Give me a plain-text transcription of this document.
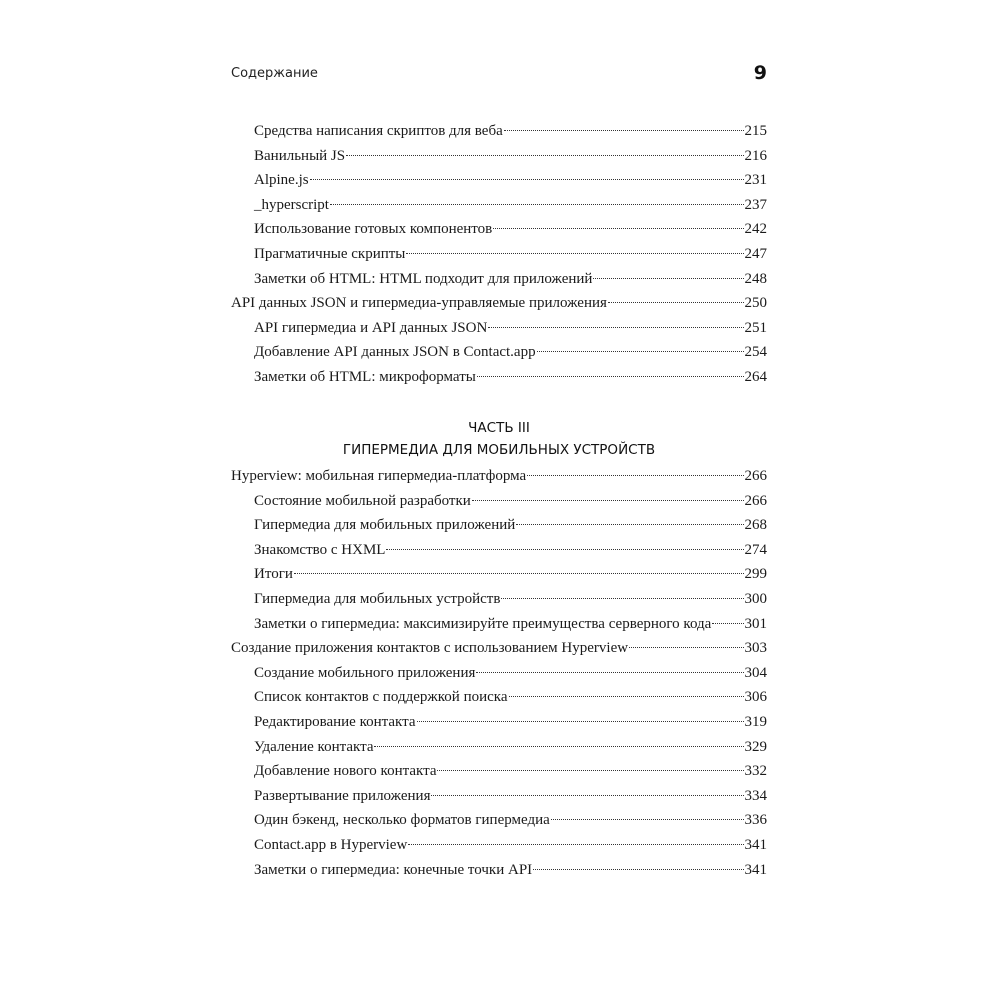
Содержание	9
Средства написания скриптов для веба	215
Ванильный JS	216
Alpine.js	231
_hyperscript	237
Использование готовых компонентов	242
Прагматичные скрипты	247
Заметки об HTML: HTML подходит для приложений	248
API данных JSON и гипермедиа-управляемые приложения	250
API гипермедиа и API данных JSON	251
Добавление API данных JSON в Contact.app	254
Заметки об HTML: микроформаты	264
ЧАСТЬ III
ГИПЕРМЕДИА ДЛЯ МОБИЛЬНЫХ УСТРОЙСТВ
Hyperview: мобильная гипермедиа-платформа	266
Состояние мобильной разработки	266
Гипермедиа для мобильных приложений	268
Знакомство с HXML	274
Итоги	299
Гипермедиа для мобильных устройств	300
Заметки о гипермедиа: максимизируйте преимущества серверного кода 301
Создание приложения контактов с использованием Hyperview	303
Создание мобильного приложения	304
Список контактов с поддержкой поиска	306
Редактирование контакта	319
Удаление контакта	329
Добавление нового контакта	332
Развертывание приложения	334
Один бэкенд, несколько форматов гипермедиа	336
Contact.app в Hyperview	341
Заметки о гипермедиа: конечные точки API	341
